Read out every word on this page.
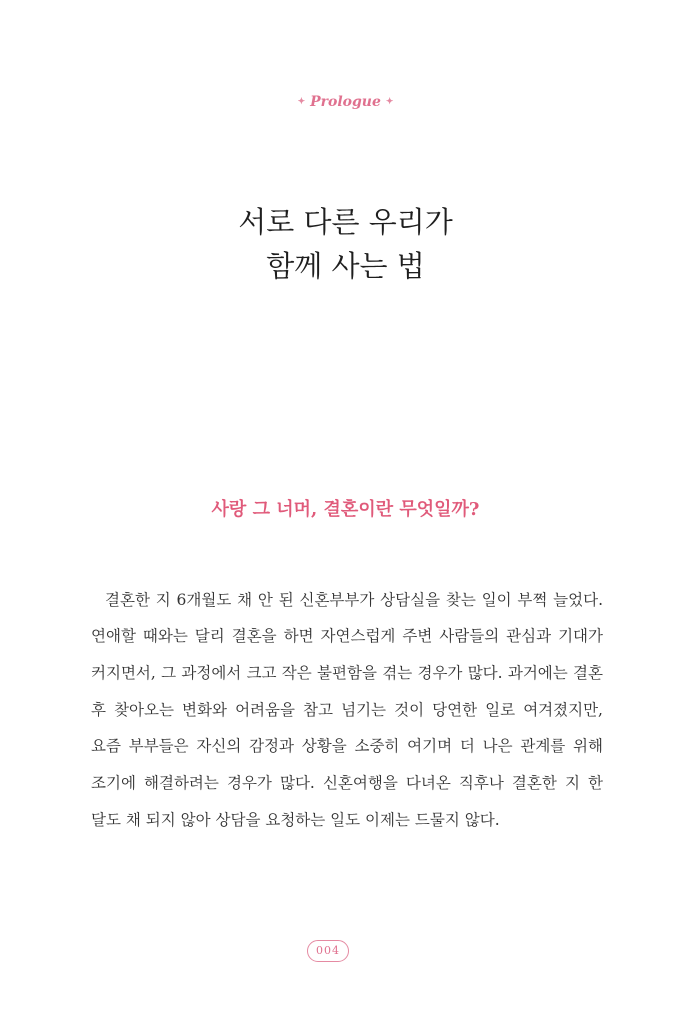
✦ Prologue ✦
서로 다른 우리가
함께 사는 법
사랑 그 너머, 결혼이란 무엇일까?

결혼한 지 6개월도 채 안 된 신혼부부가 상담실을 찾는 일이 부쩍 늘었다. 연애할 때와는 달리 결혼을 하면 자연스럽게 주변 사람들의 관심과 기대가 커지면서, 그 과정에서 크고 작은 불편함을 겪는 경우가 많다. 과거에는 결혼 후 찾아오는 변화와 어려움을 참고 넘기는 것이 당연한 일로 여겨졌지만, 요즘 부부들은 자신의 감정과 상황을 소중히 여기며 더 나은 관계를 위해 조기에 해결하려는 경우가 많다. 신혼여행을 다녀온 직후나 결혼한 지 한 달도 채 되지 않아 상담을 요청하는 일도 이제는 드물지 않다.

004
